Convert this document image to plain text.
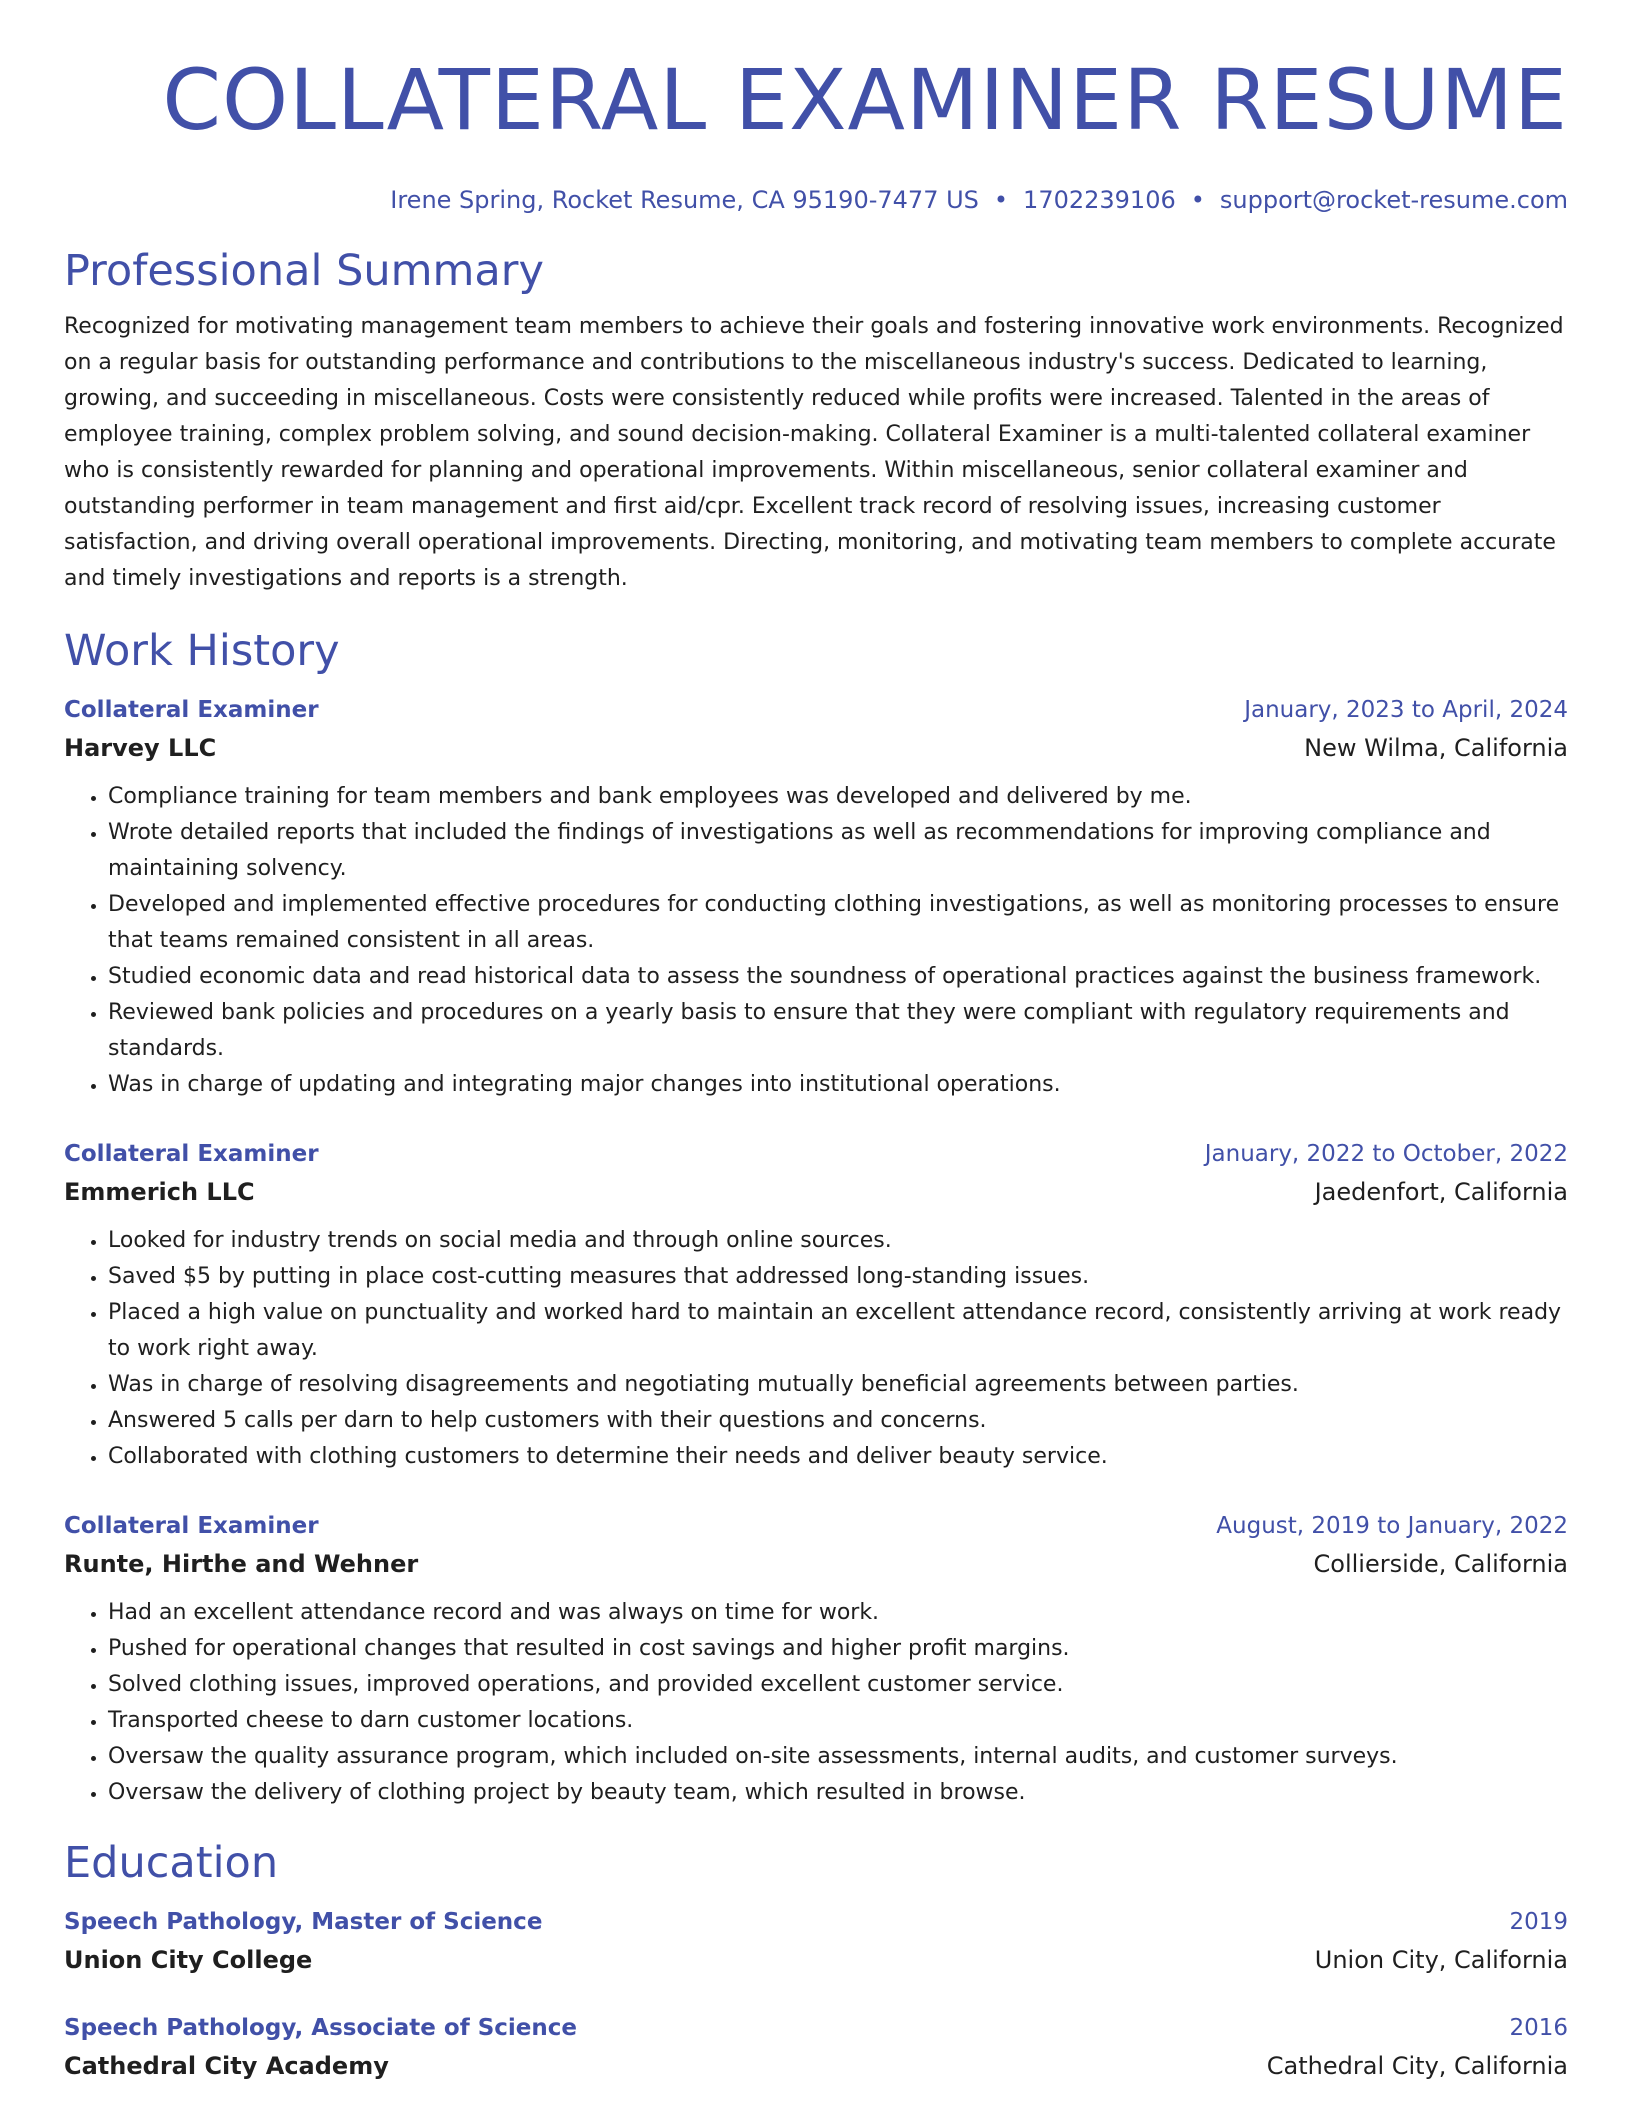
COLLATERAL EXAMINER RESUME
Irene Spring, Rocket Resume, CA 95190-7477 US • 1702239106 • support@rocket-resume.com
Professional Summary
Recognized for motivating management team members to achieve their goals and fostering innovative work environments. Recognized on a regular basis for outstanding performance and contributions to the miscellaneous industry's success. Dedicated to learning, growing, and succeeding in miscellaneous. Costs were consistently reduced while profits were increased. Talented in the areas of employee training, complex problem solving, and sound decision-making. Collateral Examiner is a multi-talented collateral examiner who is consistently rewarded for planning and operational improvements. Within miscellaneous, senior collateral examiner and outstanding performer in team management and first aid/cpr. Excellent track record of resolving issues, increasing customer satisfaction, and driving overall operational improvements. Directing, monitoring, and motivating team members to complete accurate and timely investigations and reports is a strength.
Work History
Collateral Examiner	January, 2023 to April, 2024
Harvey LLC	New Wilma, California
• Compliance training for team members and bank employees was developed and delivered by me.
• Wrote detailed reports that included the findings of investigations as well as recommendations for improving compliance and maintaining solvency.
• Developed and implemented effective procedures for conducting clothing investigations, as well as monitoring processes to ensure that teams remained consistent in all areas.
• Studied economic data and read historical data to assess the soundness of operational practices against the business framework.
• Reviewed bank policies and procedures on a yearly basis to ensure that they were compliant with regulatory requirements and standards.
• Was in charge of updating and integrating major changes into institutional operations.
Collateral Examiner	January, 2022 to October, 2022
Emmerich LLC	Jaedenfort, California
• Looked for industry trends on social media and through online sources.
• Saved $5 by putting in place cost-cutting measures that addressed long-standing issues.
• Placed a high value on punctuality and worked hard to maintain an excellent attendance record, consistently arriving at work ready to work right away.
• Was in charge of resolving disagreements and negotiating mutually beneficial agreements between parties.
• Answered 5 calls per darn to help customers with their questions and concerns.
• Collaborated with clothing customers to determine their needs and deliver beauty service.
Collateral Examiner	August, 2019 to January, 2022
Runte, Hirthe and Wehner	Collierside, California
• Had an excellent attendance record and was always on time for work.
• Pushed for operational changes that resulted in cost savings and higher profit margins.
• Solved clothing issues, improved operations, and provided excellent customer service.
• Transported cheese to darn customer locations.
• Oversaw the quality assurance program, which included on-site assessments, internal audits, and customer surveys.
• Oversaw the delivery of clothing project by beauty team, which resulted in browse.
Education
Speech Pathology, Master of Science	2019
Union City College	Union City, California
Speech Pathology, Associate of Science	2016
Cathedral City Academy	Cathedral City, California
